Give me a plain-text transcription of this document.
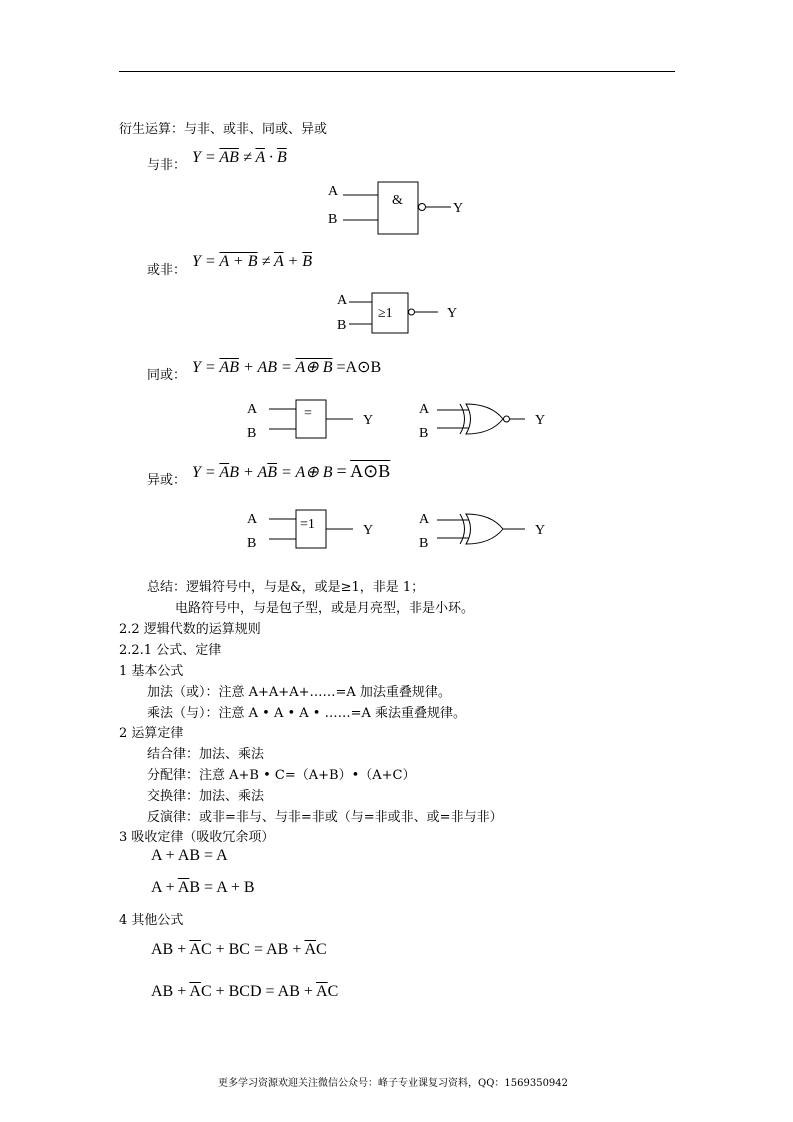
衍生运算：与非、或非、同或、异或
与非： $Y = \overline{AB} \ne \overline{A} \cdot \overline{B}$
A
B
&
Y
或非：
$Y = A + B \ne \overline{A} + \overline{B}$
A
B
≥1	Y
同或： $Y = \overline{A}\overline{B}$ + AB = A⊕ B =A⊙B
A
B
=	Y
A
B
Y
异或： $Y = \overline{A}B + A\overline{B}$ = A⊕ B = A⊙B
A
B
=1	Y
A
B
Y
总结：逻辑符号中，与是&，或是≥1，非是 1；
电路符号中，与是包子型，或是月亮型，非是小环。
2.2 逻辑代数的运算规则
2.2.1 公式、定律
1 基本公式
加法（或）：注意 A+A+A+……=A 加法重叠规律。
乘法（与）：注意 A • A • A • ……=A 乘法重叠规律。
2 运算定律
结合律：加法、乘法
分配律：注意 A+B • C=（A+B）•（A+C）
交换律：加法、乘法
反演律：或非=非与、与非=非或（与=非或非、或=非与非）
3 吸收定律（吸收冗余项）
A + AB = A
$A + \overline{A}B = A + B$
4 其他公式
AB + $\overline{A}C$ + BC = AB + $\overline{A}C$
AB + $\overline{A}C$ + BCD = AB + $\overline{A}C$
更多学习资源欢迎关注微信公众号：峰子专业课复习资料，QQ：1569350942
